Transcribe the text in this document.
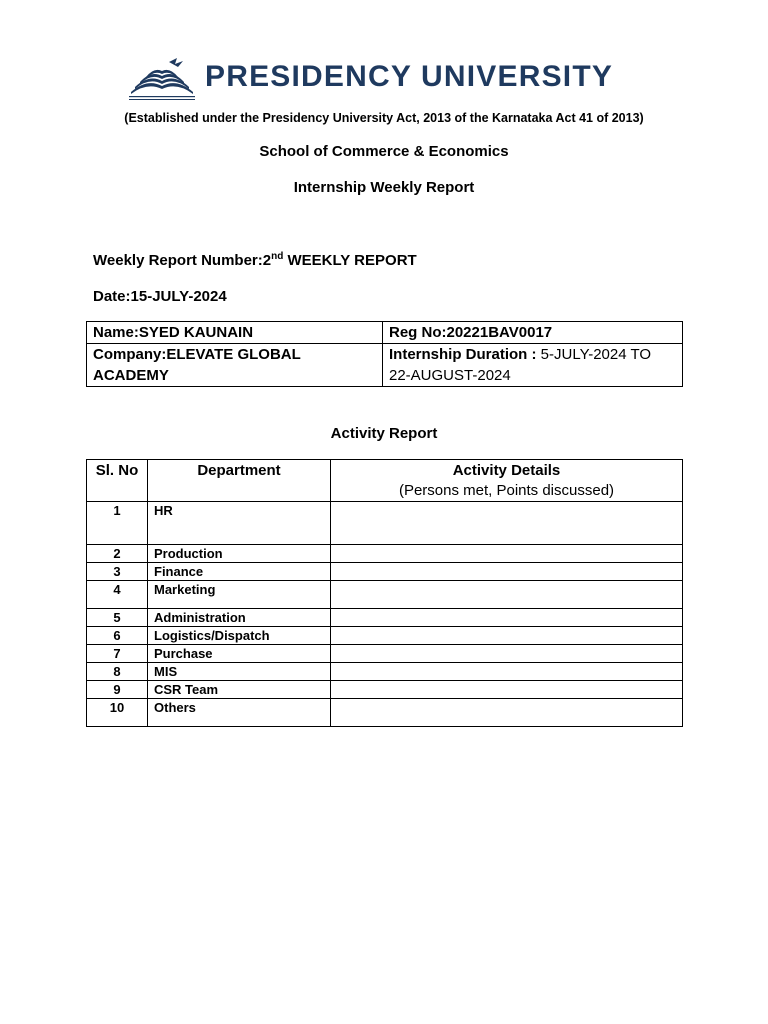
PRESIDENCY UNIVERSITY
(Established under the Presidency University Act, 2013 of the Karnataka Act 41 of 2013)
School of Commerce & Economics
Internship Weekly Report
Weekly Report Number:2nd WEEKLY REPORT
Date:15-JULY-2024
Name:SYED KAUNAIN	Reg No:20221BAV0017
Company:ELEVATE GLOBAL ACADEMY	Internship Duration : 5-JULY-2024 TO
22-AUGUST-2024
Activity Report
Sl. No	Department	Activity Details
(Persons met, Points discussed)
1	HR	
2	Production	
3	Finance	
4	Marketing	
5	Administration	
6	Logistics/Dispatch	
7	Purchase	
8	MIS	
9	CSR Team	
10	Others	
